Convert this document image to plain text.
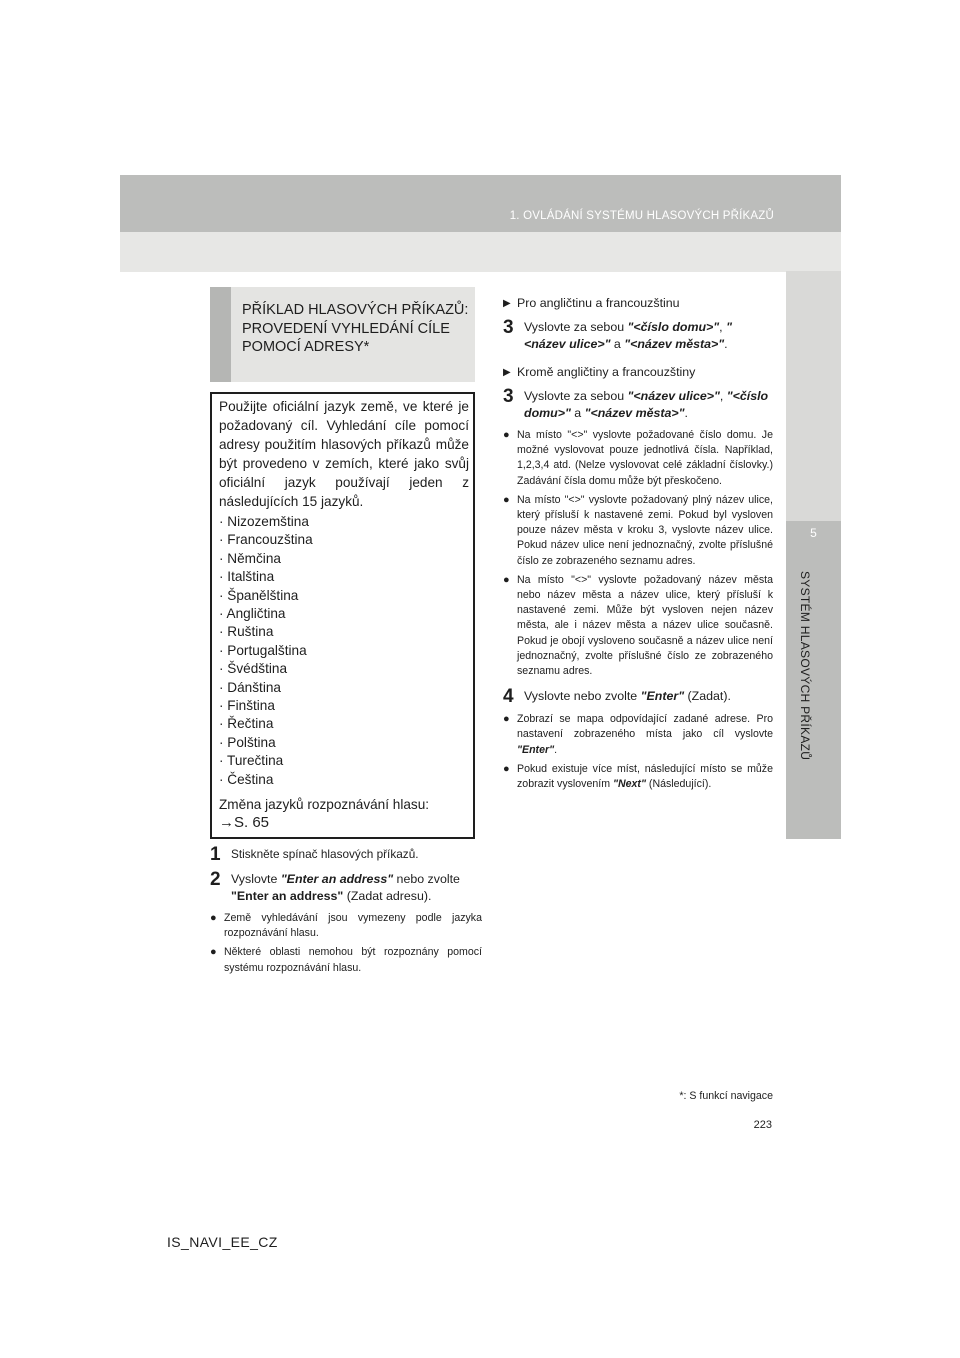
1. OVLÁDÁNÍ SYSTÉMU HLASOVÝCH PŘÍKAZŮ
5
SYSTÉM HLASOVÝCH PŘÍKAZŮ
PŘÍKLAD HLASOVÝCH PŘÍKAZŮ: PROVEDENÍ VYHLEDÁNÍ CÍLE POMOCÍ ADRESY*
Použijte oficiální jazyk země, ve které je požadovaný cíl. Vyhledání cíle pomocí adresy použitím hlasových příkazů může být provedeno v zemích, které jako svůj oficiální jazyk používají jeden z následujících 15 jazyků.
· Nizozemština
· Francouzština
· Němčina
· Italština
· Španělština
· Angličtina
· Ruština
· Portugalština
· Švédština
· Dánština
· Finština
· Řečtina
· Polština
· Turečtina
· Čeština
Změna jazyků rozpoznávání hlasu:
→S. 65
1 Stiskněte spínač hlasových příkazů.
2 Vyslovte "Enter an address" nebo zvolte "Enter an address" (Zadat adresu).
● Země vyhledávání jsou vymezeny podle jazyka rozpoznávání hlasu.
● Některé oblasti nemohou být rozpoznány pomocí systému rozpoznávání hlasu.
▶ Pro angličtinu a francouzštinu
3 Vyslovte za sebou "<číslo domu>", "<název ulice>" a "<název města>".
▶ Kromě angličtiny a francouzštiny
3 Vyslovte za sebou "<název ulice>", "<číslo domu>" a "<název města>".
● Na místo "<>" vyslovte požadované číslo domu. Je možné vyslovovat pouze jednotlivá čísla. Například, 1,2,3,4 atd. (Nelze vyslovovat celé základní číslovky.) Zadávání čísla domu může být přeskočeno.
● Na místo "<>" vyslovte požadovaný plný název ulice, který přísluší k nastavené zemi. Pokud byl vysloven pouze název města v kroku 3, vyslovte název ulice. Pokud název ulice není jednoznačný, zvolte příslušné číslo ze zobrazeného seznamu adres.
● Na místo "<>" vyslovte požadovaný název města nebo název města a název ulice, který přísluší k nastavené zemi. Může být vysloven nejen název města, ale i název města a název ulice současně. Pokud je obojí vysloveno současně a název ulice není jednoznačný, zvolte příslušné číslo ze zobrazeného seznamu adres.
4 Vyslovte nebo zvolte "Enter" (Zadat).
● Zobrazí se mapa odpovídající zadané adrese. Pro nastavení zobrazeného místa jako cíl vyslovte "Enter".
● Pokud existuje více míst, následující místo se může zobrazit vyslovením "Next" (Následující).
*: S funkcí navigace
223
IS_NAVI_EE_CZ
